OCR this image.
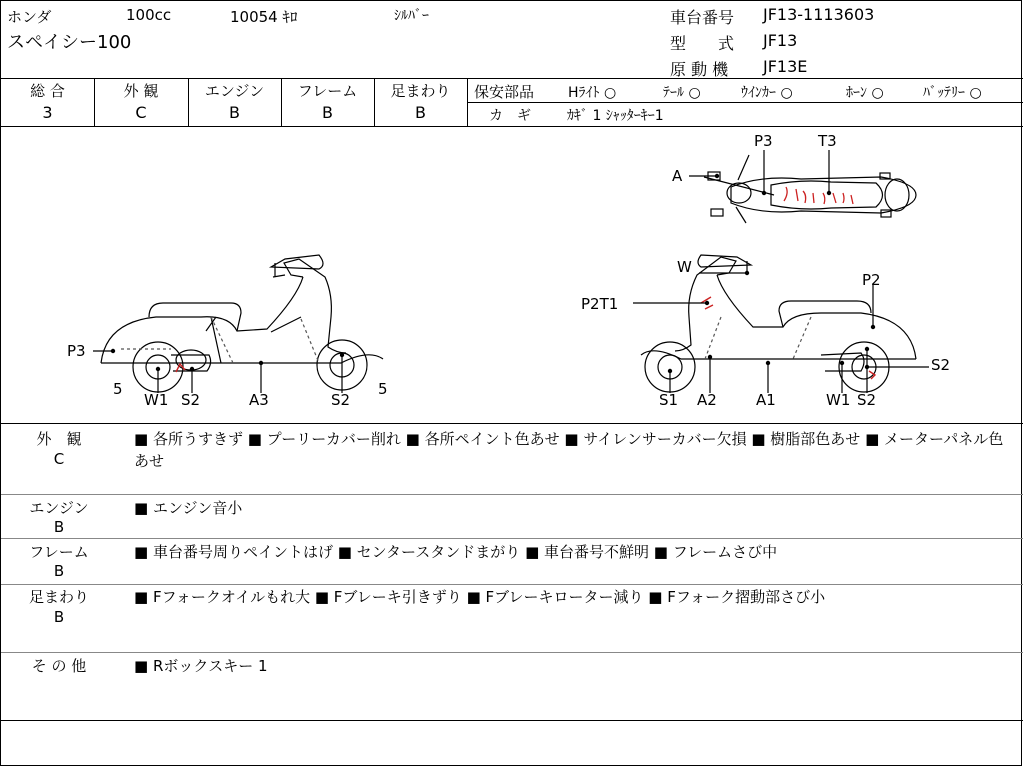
ホンダ	100cc	10054 ｷﾛ	ｼﾙﾊﾞｰ
スペイシー100
車台番号 JF13-1113603
型　　式 JF13
原 動 機 JF13E
総 合
3
外 観
C
エンジン
B
フレーム
B
足まわり
B
保安部品 Hﾗｲﾄ ○	ﾃｰﾙ ○	ｳｲﾝｶｰ ○	ﾎｰﾝ ○	ﾊﾞｯﾃﾘｰ ○
カ　ギ	ｶｷﾞ 1 ｼｬｯﾀｰｷｰ1
P3	T3
A
W
P2
P2T1
S2
S1 A2	A1	W1 S2
P3
5
W1 S2	A3	S2
5
外　観
C
■ 各所うすきず ■ プーリーカバー削れ ■ 各所ペイント色あせ ■ サイレンサーカバー欠損 ■ 樹脂部色あせ ■ メーターパネル色あせ
エンジン
B
■ エンジン音小
フレーム
B
■ 車台番号周りペイントはげ ■ センタースタンドまがり ■ 車台番号不鮮明 ■ フレームさび中
足まわり
B
■ Fフォークオイルもれ大 ■ Fブレーキ引きずり ■ Fブレーキローター減り ■ Fフォーク摺動部さび小
そ の 他	■ Rボックスキー 1
